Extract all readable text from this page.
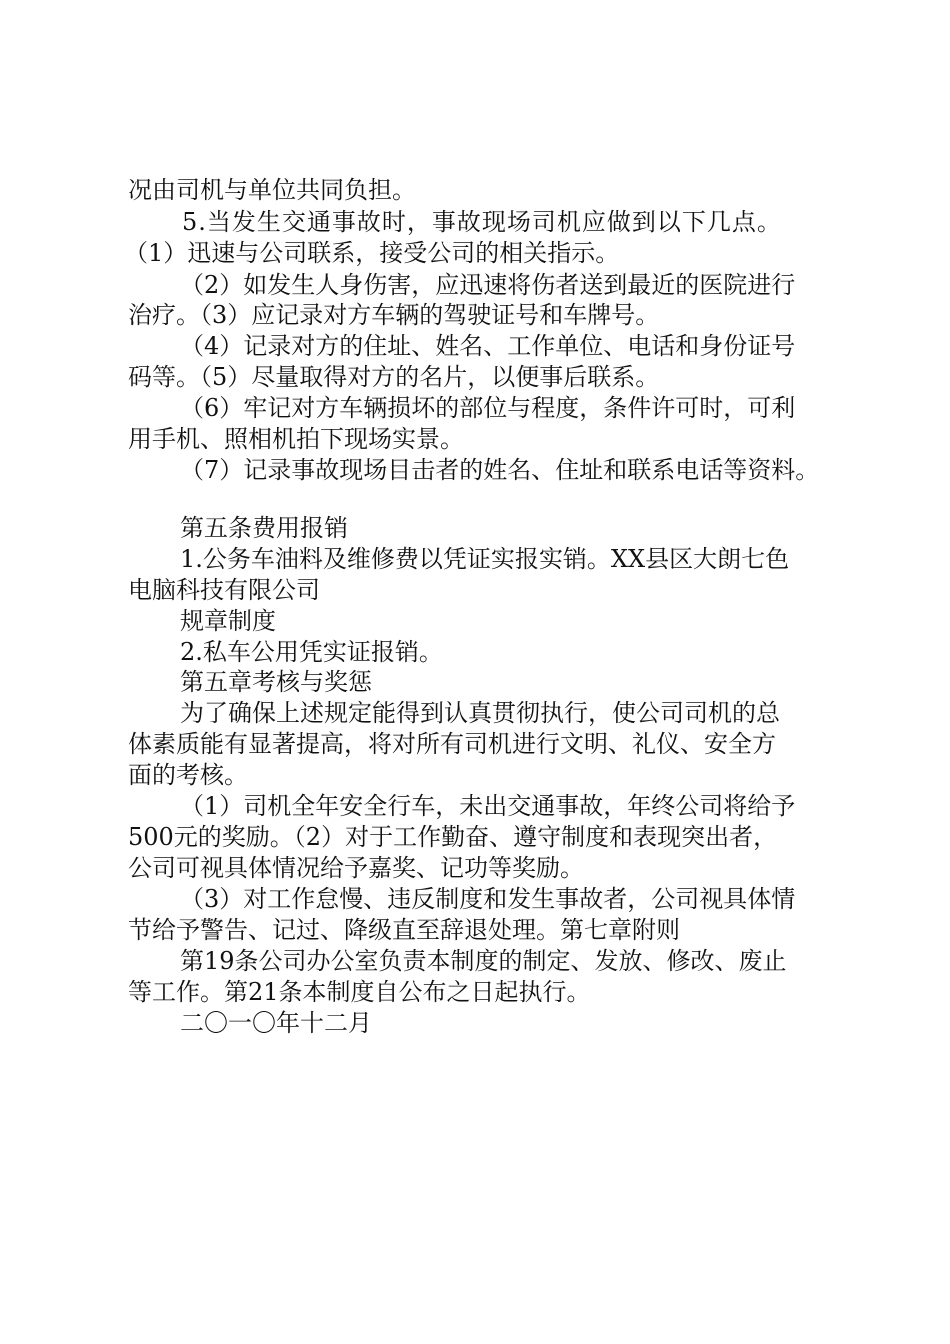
况由司机与单位共同负担。
5.当发生交通事故时，事故现场司机应做到以下几点。
（1）迅速与公司联系，接受公司的相关指示。
（2）如发生人身伤害，应迅速将伤者送到最近的医院进行
治疗。（3）应记录对方车辆的驾驶证号和车牌号。
（4）记录对方的住址、姓名、工作单位、电话和身份证号
码等。（5）尽量取得对方的名片，以便事后联系。
（6）牢记对方车辆损坏的部位与程度，条件许可时，可利
用手机、照相机拍下现场实景。
（7）记录事故现场目击者的姓名、住址和联系电话等资料。
第五条费用报销
1.公务车油料及维修费以凭证实报实销。XX县区大朗七色
电脑科技有限公司
规章制度
2.私车公用凭实证报销。
第五章考核与奖惩
为了确保上述规定能得到认真贯彻执行，使公司司机的总
体素质能有显著提高，将对所有司机进行文明、礼仪、安全方
面的考核。
（1）司机全年安全行车，未出交通事故，年终公司将给予
500元的奖励。（2）对于工作勤奋、遵守制度和表现突出者，
公司可视具体情况给予嘉奖、记功等奖励。
（3）对工作怠慢、违反制度和发生事故者，公司视具体情
节给予警告、记过、降级直至辞退处理。第七章附则
第19条公司办公室负责本制度的制定、发放、修改、废止
等工作。第21条本制度自公布之日起执行。
二〇一〇年十二月
